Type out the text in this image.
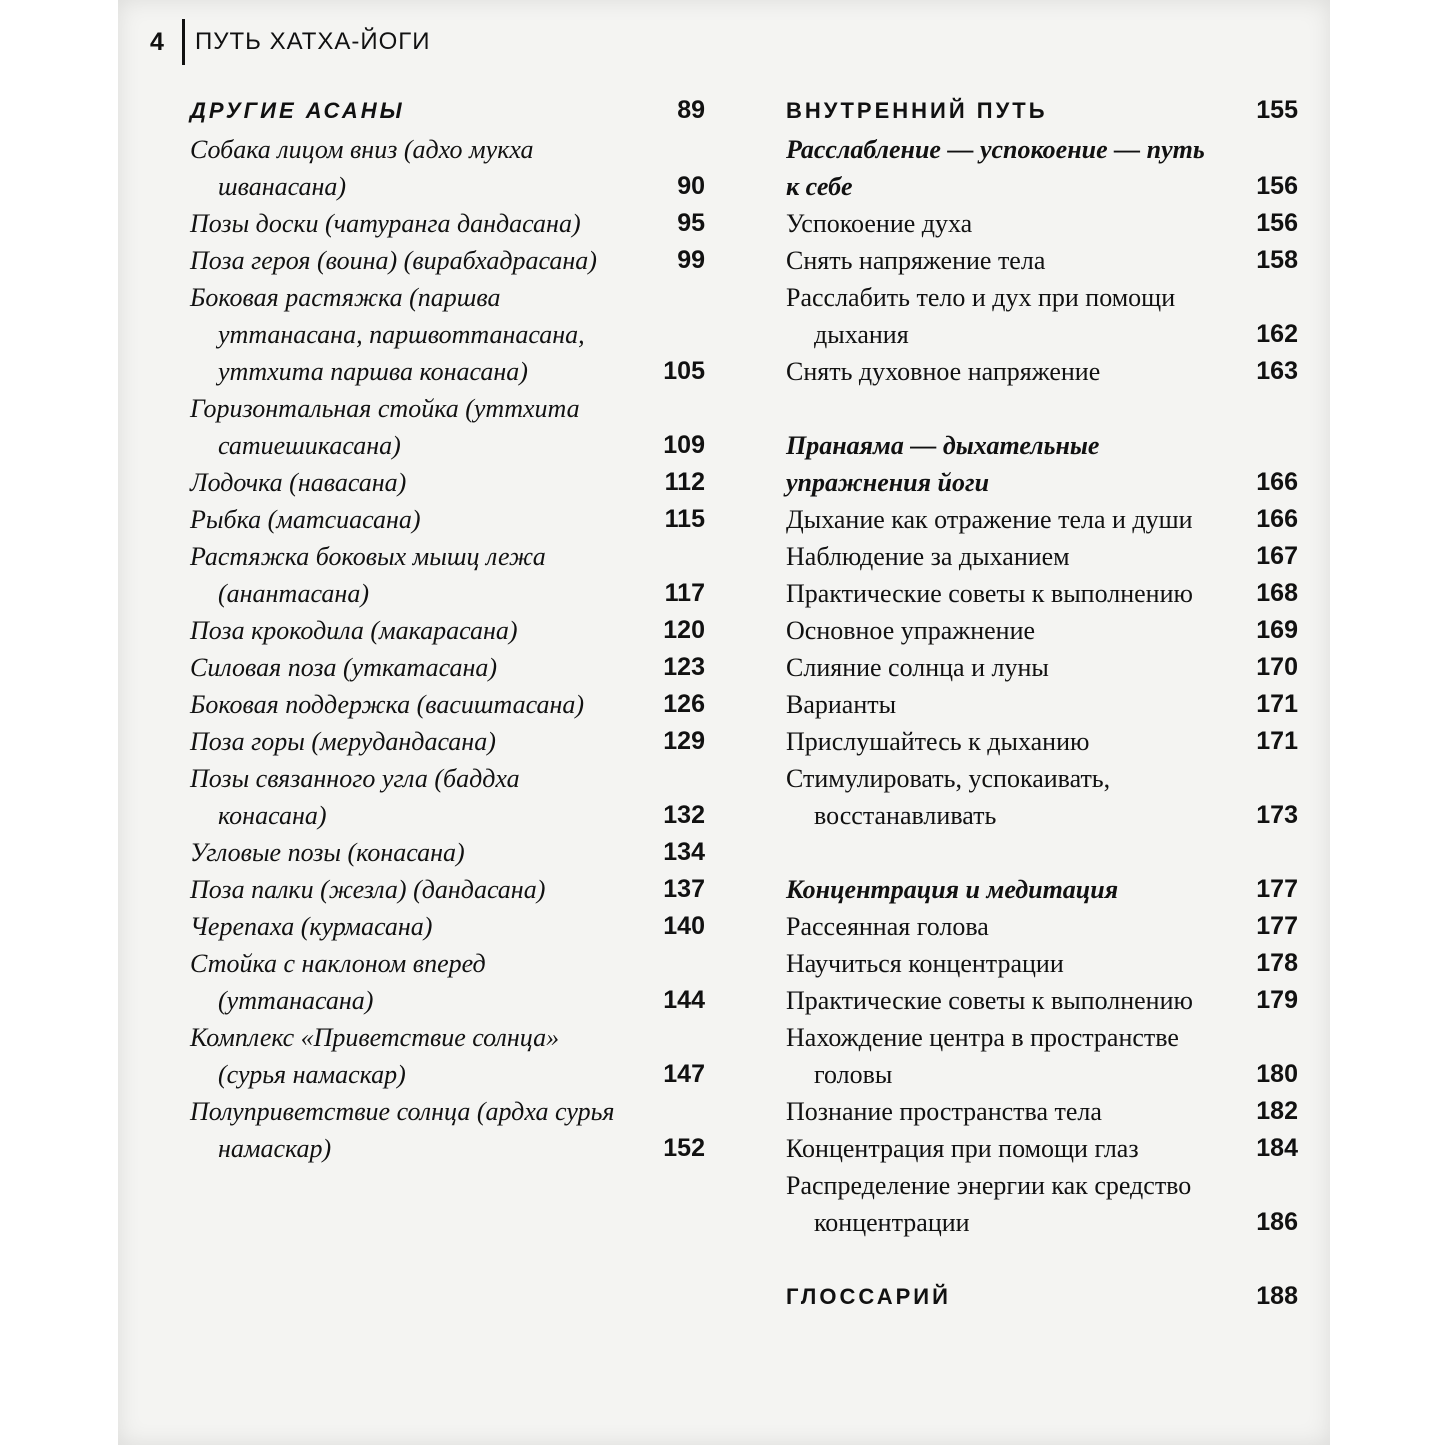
4	ПУТЬ ХАТХА-ЙОГИ
ДРУГИЕ АСАНЫ	89
Собака лицом вниз (адхо мукха шванасана)	90
Позы доски (чатуранга дандасана)	95
Поза героя (воина) (вирабхадрасана)	99
Боковая растяжка (паршва уттанасана, паршвоттанасана, уттхита паршва конасана)	105
Горизонтальная стойка (уттхита сатиешикасана)	109
Лодочка (навасана)	112
Рыбка (матсиасана)	115
Растяжка боковых мышц лежа (анантасана)	117
Поза крокодила (макарасана)	120
Силовая поза (уткатасана)	123
Боковая поддержка (васиштасана)	126
Поза горы (мерудандасана)	129
Позы связанного угла (баддха конасана)	132
Угловые позы (конасана)	134
Поза палки (жезла) (дандасана)	137
Черепаха (курмасана)	140
Стойка с наклоном вперед (уттанасана)	144
Комплекс «Приветствие солнца» (сурья намаскар)	147
Полуприветствие солнца (ардха сурья намаскар)	152
ВНУТРЕННИЙ ПУТЬ	155
Расслабление — успокоение — путь к себе	156
Успокоение духа	156
Снять напряжение тела	158
Расслабить тело и дух при помощи дыхания	162
Снять духовное напряжение	163
Пранаяма — дыхательные упражнения йоги	166
Дыхание как отражение тела и души	166
Наблюдение за дыханием	167
Практические советы к выполнению	168
Основное упражнение	169
Слияние солнца и луны	170
Варианты	171
Прислушайтесь к дыханию	171
Стимулировать, успокаивать, восстанавливать	173
Концентрация и медитация	177
Рассеянная голова	177
Научиться концентрации	178
Практические советы к выполнению	179
Нахождение центра в пространстве головы	180
Познание пространства тела	182
Концентрация при помощи глаз	184
Распределение энергии как средство концентрации	186
ГЛОССАРИЙ	188
